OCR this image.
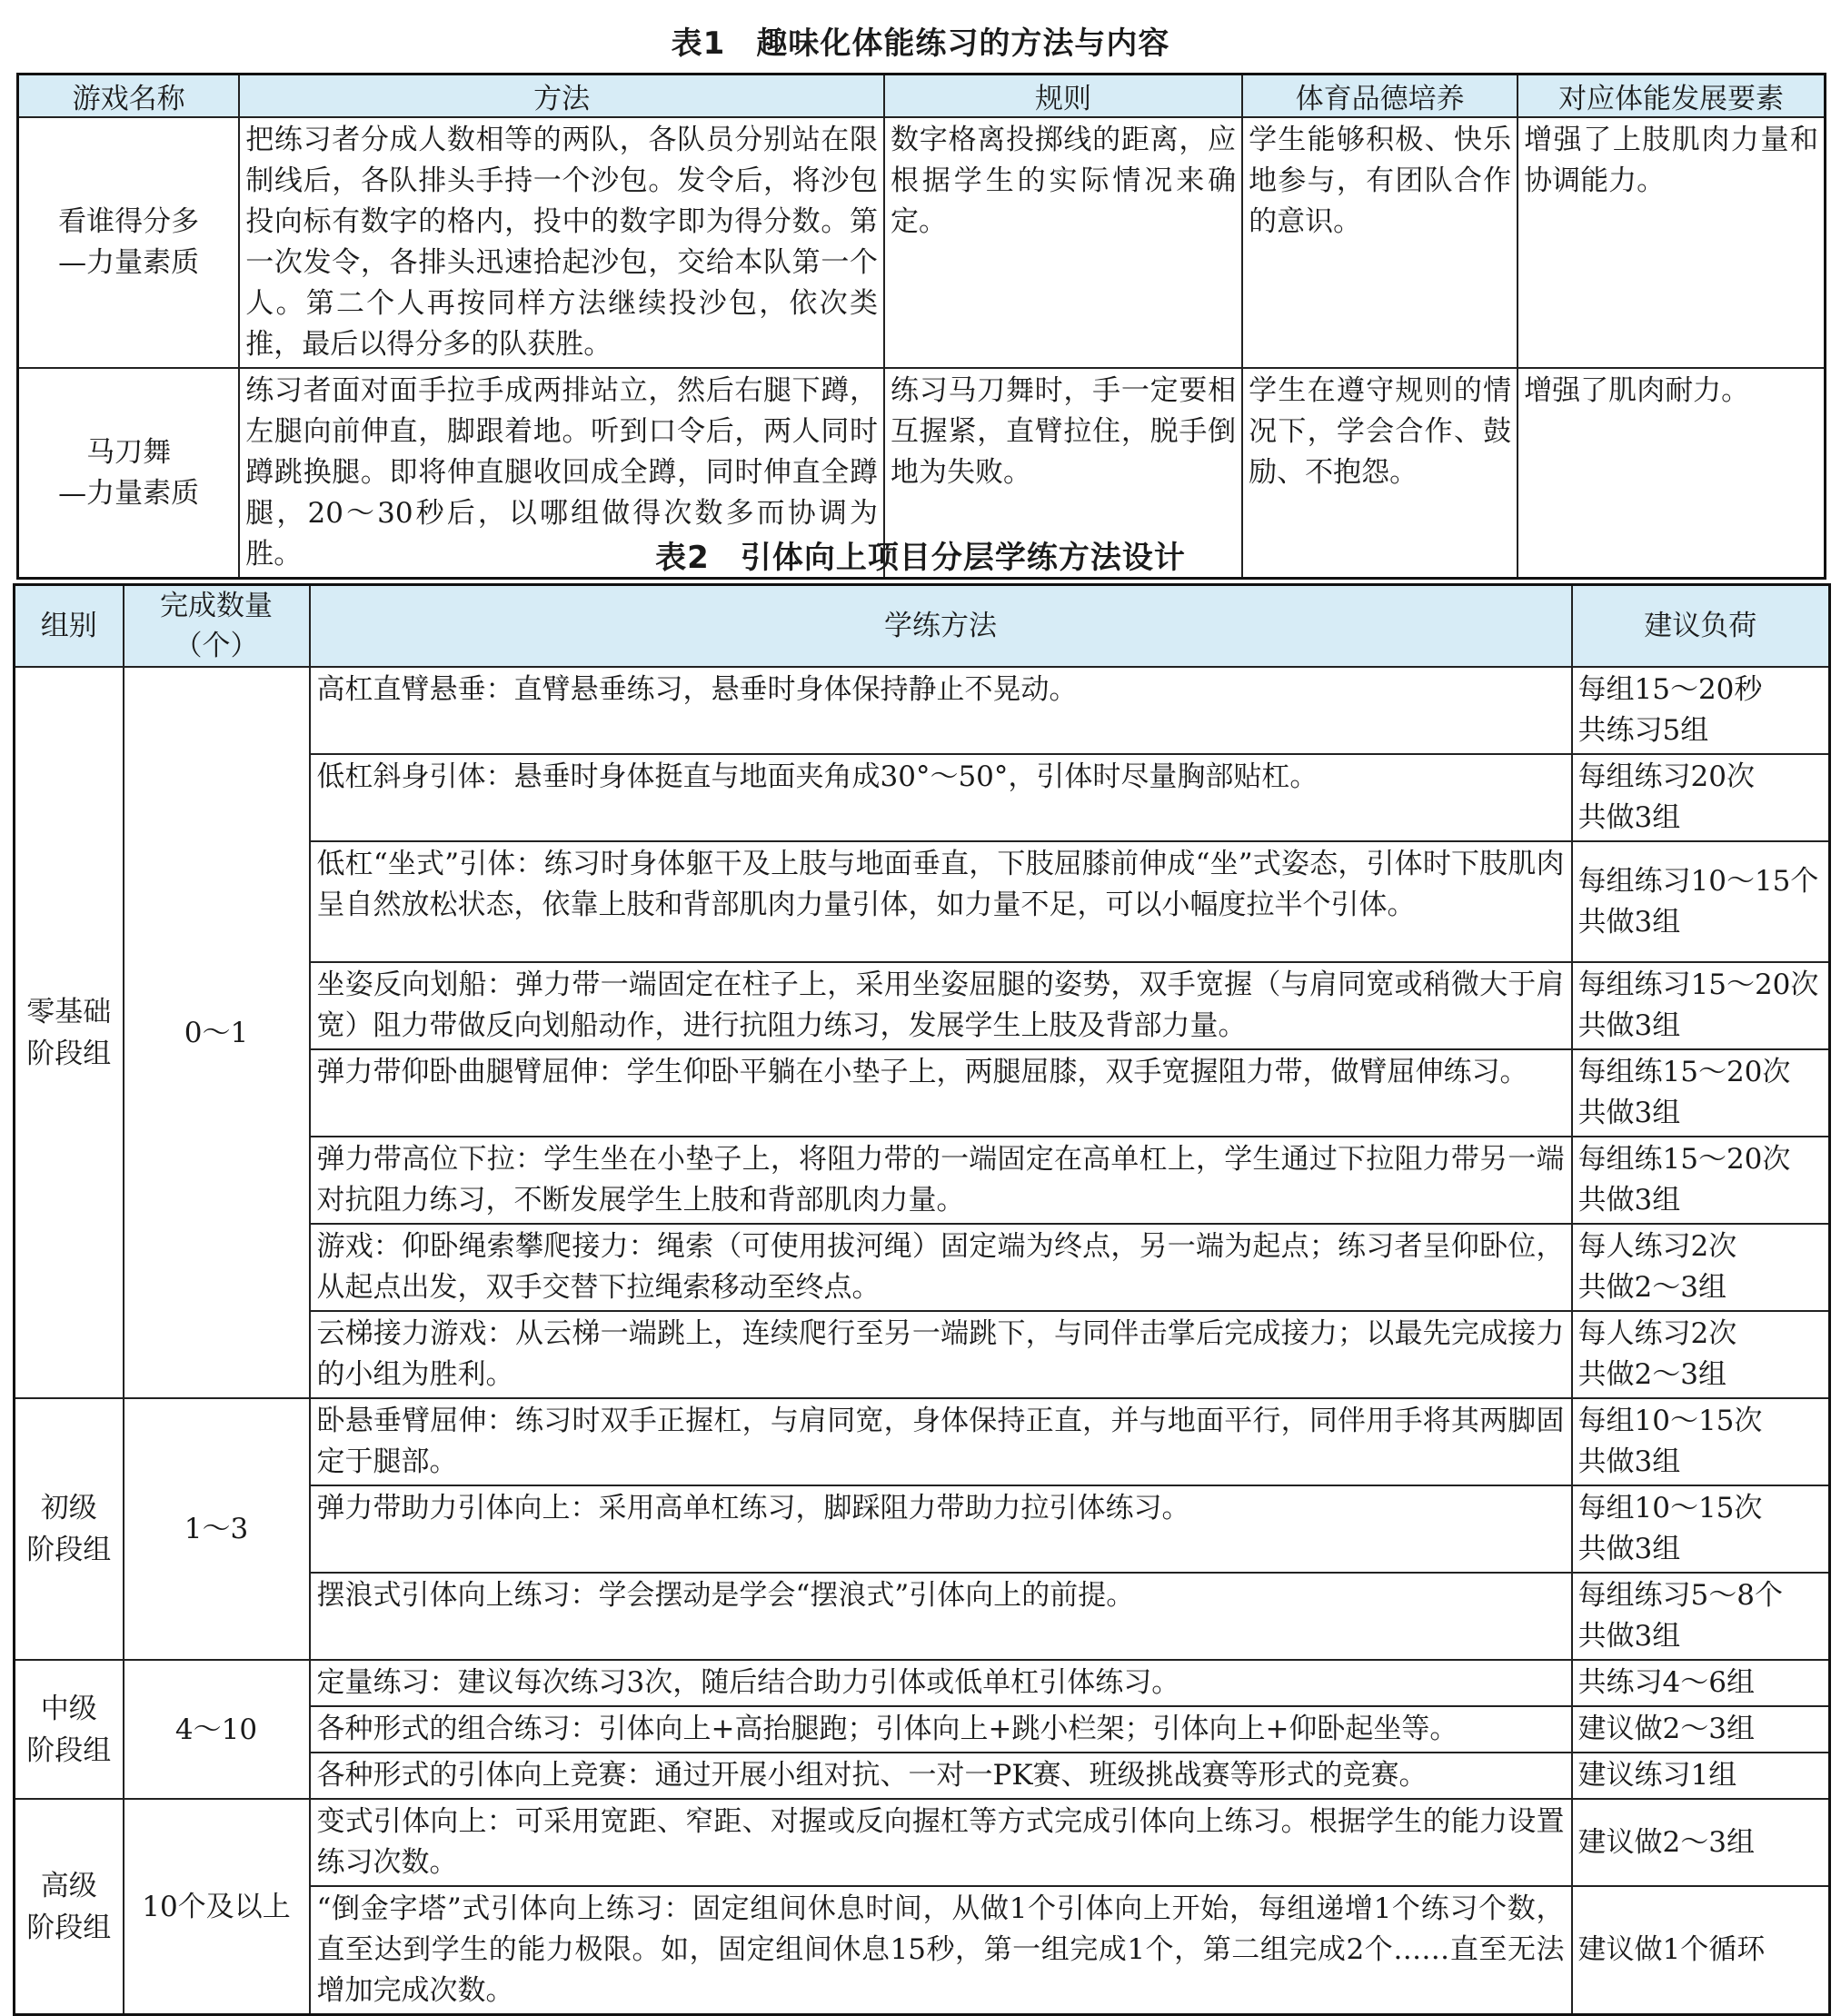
表1 趣味化体能练习的方法与内容
游戏名称	方法	规则	体育品德培养	对应体能发展要素

看谁得分多
—力量素质	把练习者分成人数相等的两队，各队员分别站在限制线后，各队排头手持一个沙包。发令后，将沙包投向标有数字的格内，投中的数字即为得分数。第一次发令，各排头迅速拾起沙包，交给本队第一个人。第二个人再按同样方法继续投沙包，依次类推，最后以得分多的队获胜。	数字格离投掷线的距离，应根据学生的实际情况来确定。	学生能够积极、快乐地参与，有团队合作的意识。	增强了上肢肌肉力量和协调能力。

马刀舞
—力量素质	练习者面对面手拉手成两排站立，然后右腿下蹲，左腿向前伸直，脚跟着地。听到口令后，两人同时蹲跳换腿。即将伸直腿收回成全蹲，同时伸直全蹲腿，20～30秒后，以哪组做得次数多而协调为胜。	练习马刀舞时，手一定要相互握紧，直臂拉住，脱手倒地为失败。	学生在遵守规则的情况下，学会合作、鼓励、不抱怨。	增强了肌肉耐力。
表2 引体向上项目分层学练方法设计
组别	完成数量
（个）	学练方法	建议负荷

零基础
阶段组	0～1	高杠直臂悬垂：直臂悬垂练习，悬垂时身体保持静止不晃动。	每组15～20秒
共练习5组

		低杠斜身引体：悬垂时身体挺直与地面夹角成30°～50°，引体时尽量胸部贴杠。	每组练习20次
共做3组

		低杠“坐式”引体：练习时身体躯干及上肢与地面垂直，下肢屈膝前伸成“坐”式姿态，引体时下肢肌肉呈自然放松状态，依靠上肢和背部肌肉力量引体，如力量不足，可以小幅度拉半个引体。	每组练习10～15个
共做3组

		坐姿反向划船：弹力带一端固定在柱子上，采用坐姿屈腿的姿势，双手宽握（与肩同宽或稍微大于肩宽）阻力带做反向划船动作，进行抗阻力练习，发展学生上肢及背部力量。	每组练习15～20次
共做3组

		弹力带仰卧曲腿臂屈伸：学生仰卧平躺在小垫子上，两腿屈膝，双手宽握阻力带，做臂屈伸练习。	每组练15～20次
共做3组

		弹力带高位下拉：学生坐在小垫子上，将阻力带的一端固定在高单杠上，学生通过下拉阻力带另一端对抗阻力练习，不断发展学生上肢和背部肌肉力量。	每组练15～20次
共做3组

		游戏：仰卧绳索攀爬接力：绳索（可使用拔河绳）固定端为终点，另一端为起点；练习者呈仰卧位，从起点出发，双手交替下拉绳索移动至终点。	每人练习2次
共做2～3组

		云梯接力游戏：从云梯一端跳上，连续爬行至另一端跳下，与同伴击掌后完成接力；以最先完成接力的小组为胜利。	每人练习2次
共做2～3组

初级
阶段组	1～3	卧悬垂臂屈伸：练习时双手正握杠，与肩同宽，身体保持正直，并与地面平行，同伴用手将其两脚固定于腿部。	每组10～15次
共做3组

		弹力带助力引体向上：采用高单杠练习，脚踩阻力带助力拉引体练习。	每组10～15次
共做3组

		摆浪式引体向上练习：学会摆动是学会“摆浪式”引体向上的前提。	每组练习5～8个
共做3组

中级
阶段组	4～10	定量练习：建议每次练习3次，随后结合助力引体或低单杠引体练习。	共练习4～6组
		各种形式的组合练习：引体向上+高抬腿跑；引体向上+跳小栏架；引体向上+仰卧起坐等。	建议做2～3组
		各种形式的引体向上竞赛：通过开展小组对抗、一对一PK赛、班级挑战赛等形式的竞赛。	建议练习1组

高级
阶段组	10个及以上	变式引体向上：可采用宽距、窄距、对握或反向握杠等方式完成引体向上练习。根据学生的能力设置练习次数。	建议做2～3组
		“倒金字塔”式引体向上练习：固定组间休息时间，从做1个引体向上开始，每组递增1个练习个数，直至达到学生的能力极限。如，固定组间休息15秒，第一组完成1个，第二组完成2个……直至无法增加完成次数。	建议做1个循环
